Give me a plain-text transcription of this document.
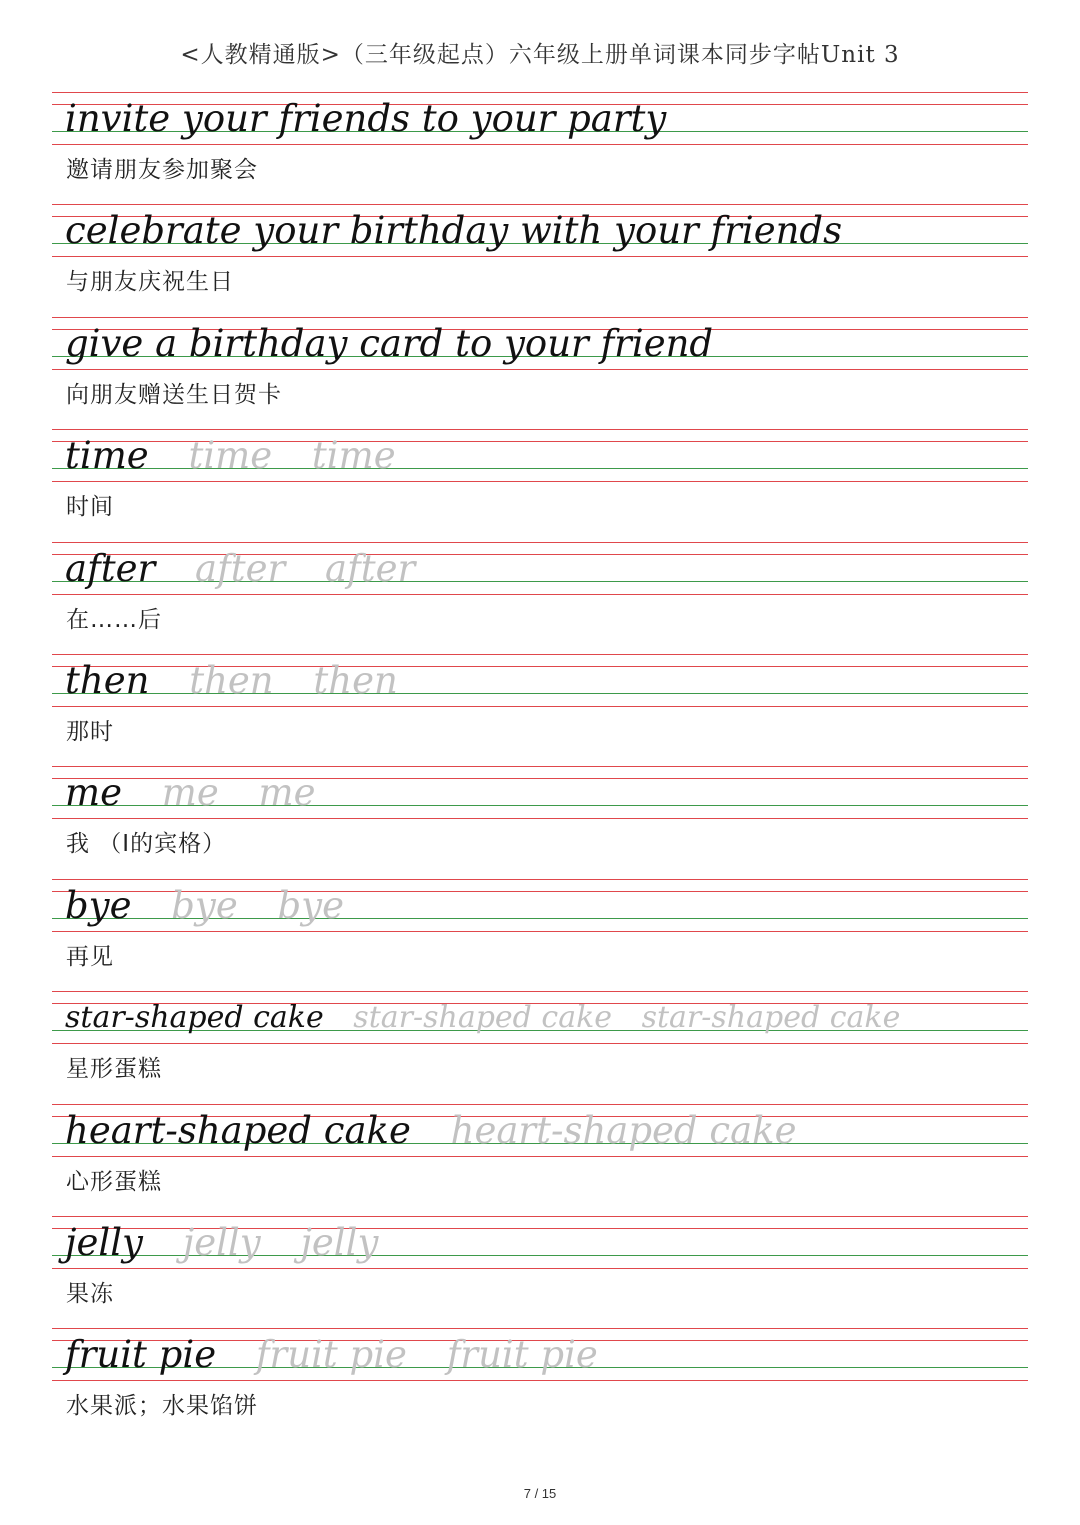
<人教精通版>（三年级起点）六年级上册单词课本同步字帖Unit 3
invite your friends to your party
邀请朋友参加聚会
celebrate your birthday with your friends
与朋友庆祝生日
give a birthday card to your friend
向朋友赠送生日贺卡
time time time
时间
after after after
在……后
then then then
那时
me me me
我 （I的宾格）
bye bye bye
再见
star-shaped cake star-shaped cake star-shaped cake
星形蛋糕
heart-shaped cake heart-shaped cake
心形蛋糕
jelly jelly jelly
果冻
fruit pie fruit pie fruit pie
水果派；水果馅饼
7 / 15
